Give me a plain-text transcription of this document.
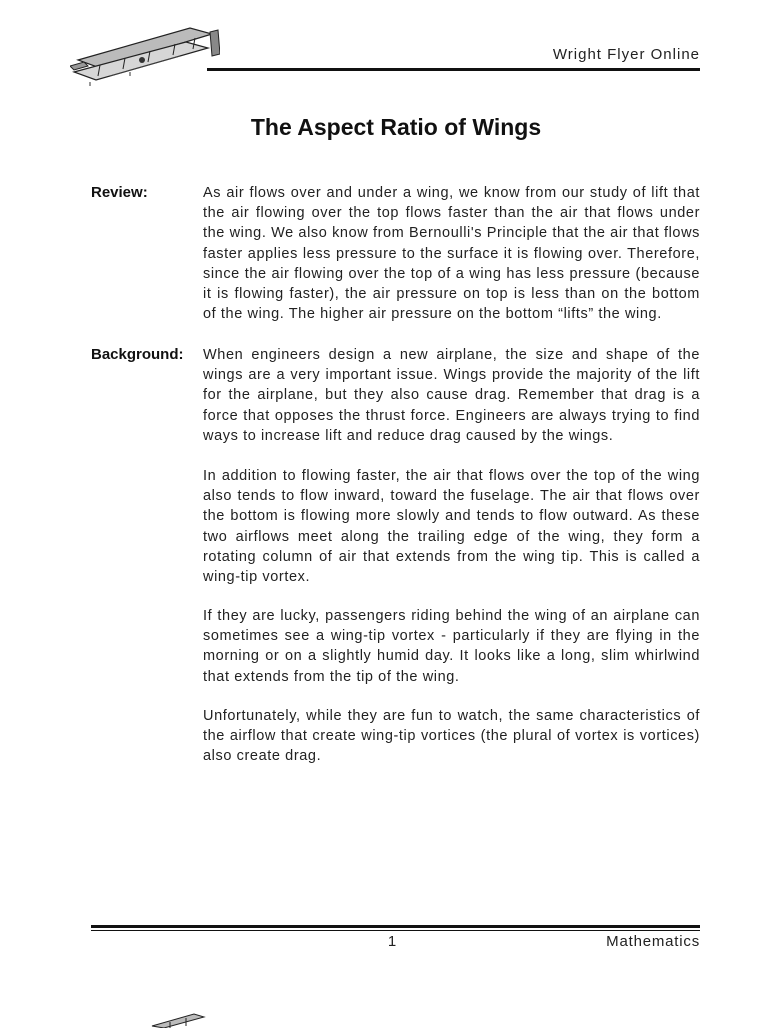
Wright Flyer Online
The Aspect Ratio of Wings
Review:	As air flows over and under a wing, we know from our study of lift that the air flowing over the top flows faster than the air that flows under the wing. We also know from Bernoulli's Principle that the air that flows faster applies less pressure to the surface it is flowing over. Therefore, since the air flowing over the top of a wing has less pressure (because it is flowing faster), the air pressure on top is less than on the bottom of the wing. The higher air pressure on the bottom “lifts” the wing.

Background: When engineers design a new airplane, the size and shape of the wings are a very important issue. Wings provide the majority of the lift for the airplane, but they also cause drag. Remember that drag is a force that opposes the thrust force. Engineers are always trying to find ways to increase lift and reduce drag caused by the wings.

In addition to flowing faster, the air that flows over the top of the wing also tends to flow inward, toward the fuselage. The air that flows over the bottom is flowing more slowly and tends to flow outward. As these two airflows meet along the trailing edge of the wing, they form a rotating column of air that extends from the wing tip. This is called a wing-tip vortex.

If they are lucky, passengers riding behind the wing of an airplane can sometimes see a wing-tip vortex - particularly if they are flying in the morning or on a slightly humid day. It looks like a long, slim whirlwind that extends from the tip of the wing.

Unfortunately, while they are fun to watch, the same characteristics of the airflow that create wing-tip vortices (the plural of vortex is vortices) also create drag.

1	Mathematics
